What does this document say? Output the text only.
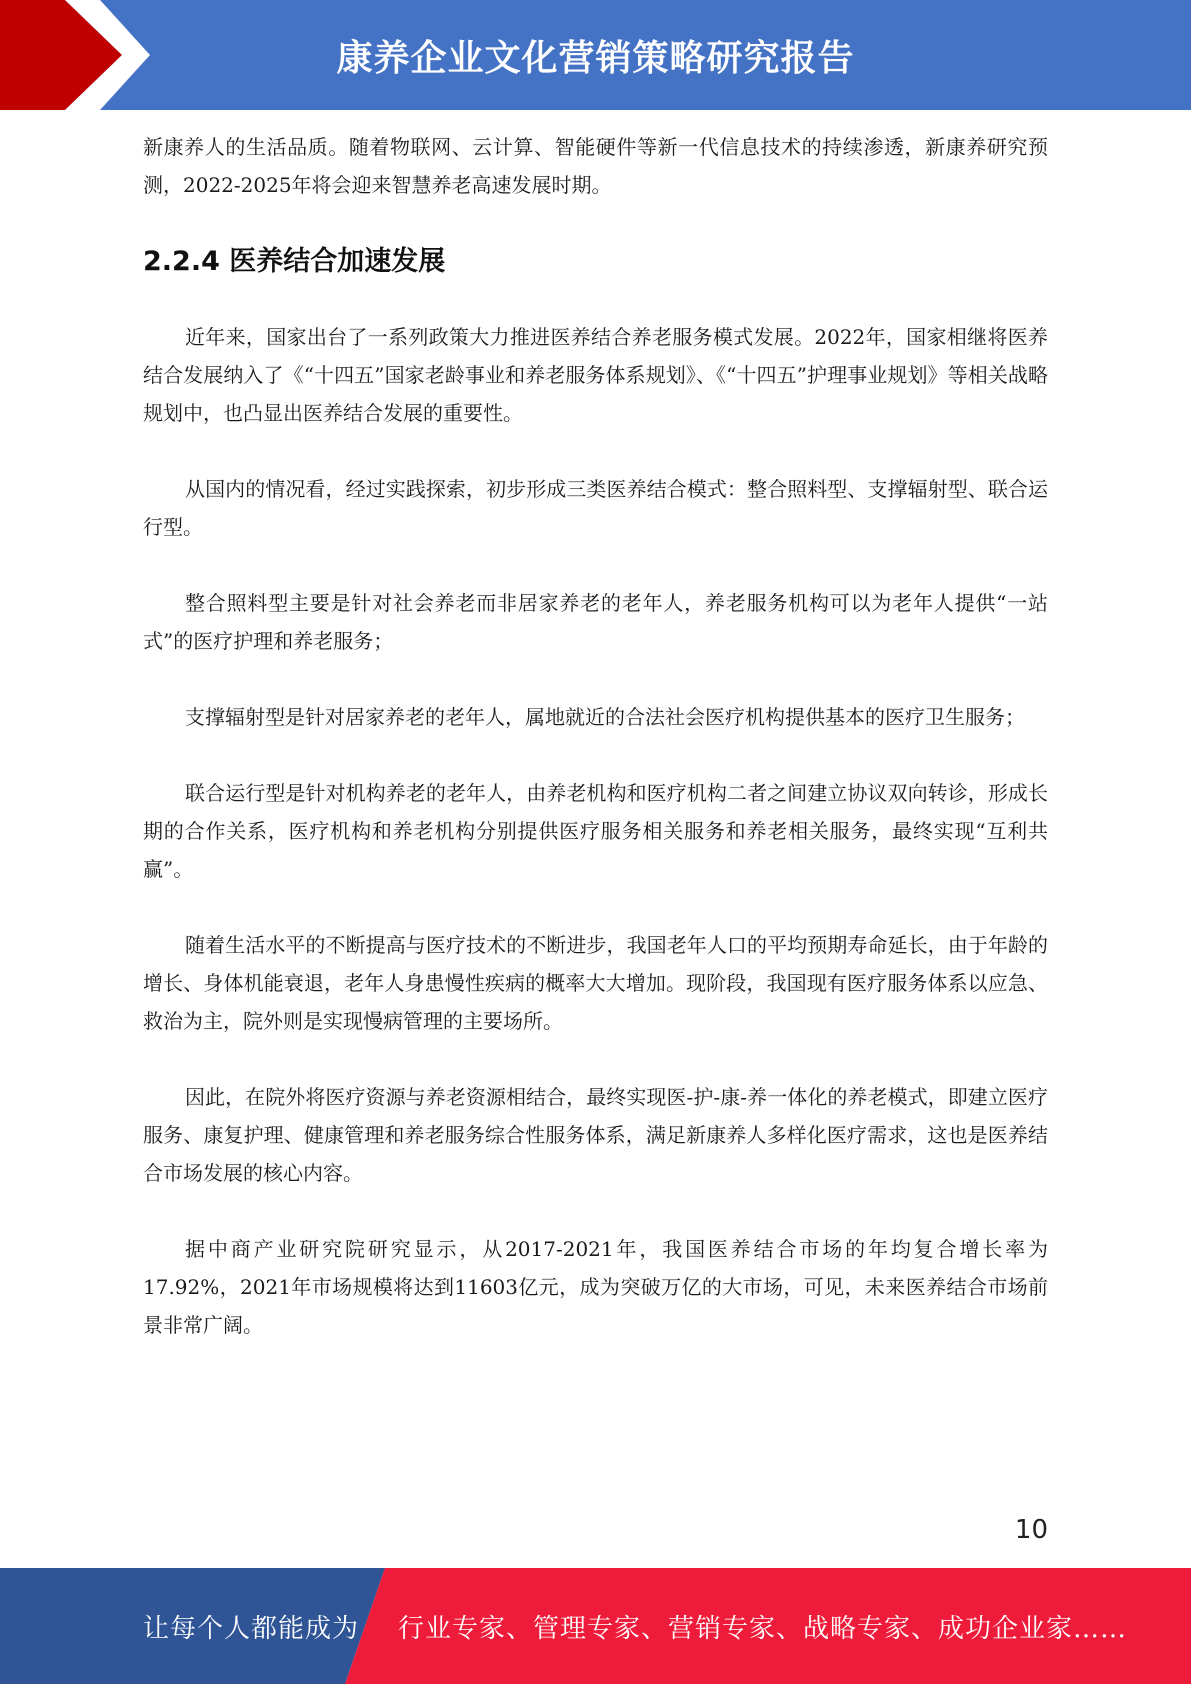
康养企业文化营销策略研究报告

新康养人的生活品质。随着物联网、云计算、智能硬件等新一代信息技术的持续渗透，新康养研究预测，2022-2025年将会迎来智慧养老高速发展时期。

2.2.4 医养结合加速发展

近年来，国家出台了一系列政策大力推进医养结合养老服务模式发展。2022年，国家相继将医养结合发展纳入了《“十四五”国家老龄事业和养老服务体系规划》、《“十四五”护理事业规划》等相关战略规划中，也凸显出医养结合发展的重要性。

从国内的情况看，经过实践探索，初步形成三类医养结合模式：整合照料型、支撑辐射型、联合运行型。

整合照料型主要是针对社会养老而非居家养老的老年人，养老服务机构可以为老年人提供“一站式”的医疗护理和养老服务；

支撑辐射型是针对居家养老的老年人，属地就近的合法社会医疗机构提供基本的医疗卫生服务；

联合运行型是针对机构养老的老年人，由养老机构和医疗机构二者之间建立协议双向转诊，形成长期的合作关系，医疗机构和养老机构分别提供医疗服务相关服务和养老相关服务，最终实现“互利共赢”。

随着生活水平的不断提高与医疗技术的不断进步，我国老年人口的平均预期寿命延长，由于年龄的增长、身体机能衰退，老年人身患慢性疾病的概率大大增加。现阶段，我国现有医疗服务体系以应急、救治为主，院外则是实现慢病管理的主要场所。

因此，在院外将医疗资源与养老资源相结合，最终实现医-护-康-养一体化的养老模式，即建立医疗服务、康复护理、健康管理和养老服务综合性服务体系，满足新康养人多样化医疗需求，这也是医养结合市场发展的核心内容。

据中商产业研究院研究显示，从2017-2021年，我国医养结合市场的年均复合增长率为17.92%，2021年市场规模将达到11603亿元，成为突破万亿的大市场，可见，未来医养结合市场前景非常广阔。

10
让每个人都能成为 行业专家、管理专家、营销专家、战略专家、成功企业家……
